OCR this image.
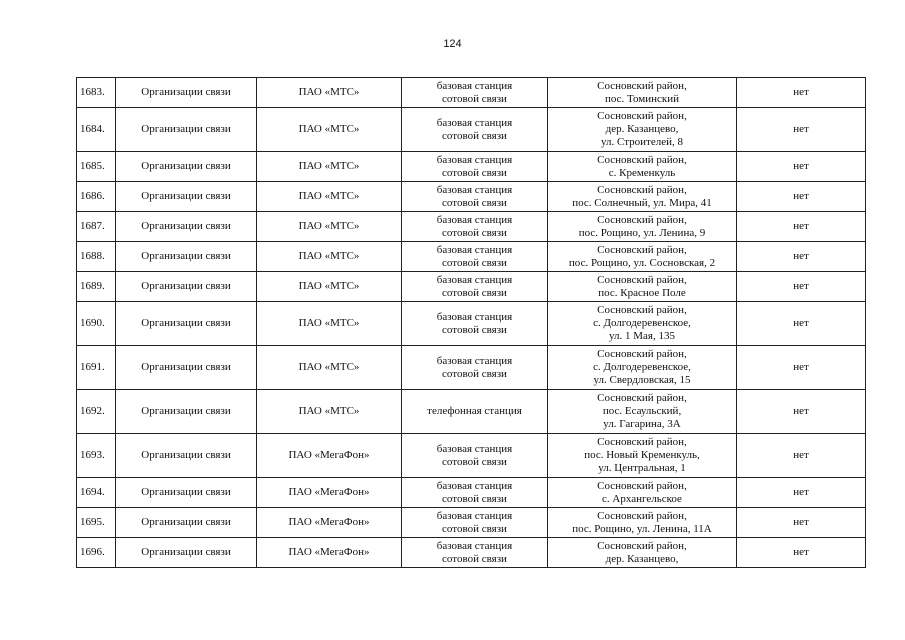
124
1683.	Организации связи	ПАО «МТС»	базовая станция
сотовой связи	Сосновский район,
пос. Томинский	нет
1684.	Организации связи	ПАО «МТС»	базовая станция
сотовой связи	Сосновский район,
дер. Казанцево,
ул. Строителей, 8	нет
1685.	Организации связи	ПАО «МТС»	базовая станция
сотовой связи	Сосновский район,
с. Кременкуль	нет
1686.	Организации связи	ПАО «МТС»	базовая станция
сотовой связи	Сосновский район,
пос. Солнечный, ул. Мира, 41	нет
1687.	Организации связи	ПАО «МТС»	базовая станция
сотовой связи	Сосновский район,
пос. Рощино, ул. Ленина, 9	нет
1688.	Организации связи	ПАО «МТС»	базовая станция
сотовой связи	Сосновский район,
пос. Рощино, ул. Сосновская, 2	нет
1689.	Организации связи	ПАО «МТС»	базовая станция
сотовой связи	Сосновский район,
пос. Красное Поле	нет
1690.	Организации связи	ПАО «МТС»	базовая станция
сотовой связи	Сосновский район,
с. Долгодеревенское,
ул. 1 Мая, 135	нет
1691.	Организации связи	ПАО «МТС»	базовая станция
сотовой связи	Сосновский район,
с. Долгодеревенское,
ул. Свердловская, 15	нет
1692.	Организации связи	ПАО «МТС»	телефонная станция	Сосновский район,
пос. Есаульский,
ул. Гагарина, 3А	нет
1693.	Организации связи	ПАО «МегаФон»	базовая станция
сотовой связи	Сосновский район,
пос. Новый Кременкуль,
ул. Центральная, 1	нет
1694.	Организации связи	ПАО «МегаФон»	базовая станция
сотовой связи	Сосновский район,
с. Архангельское	нет
1695.	Организации связи	ПАО «МегаФон»	базовая станция
сотовой связи	Сосновский район,
пос. Рощино, ул. Ленина, 11А	нет
1696.	Организации связи	ПАО «МегаФон»	базовая станция
сотовой связи	Сосновский район,
дер. Казанцево,	нет
